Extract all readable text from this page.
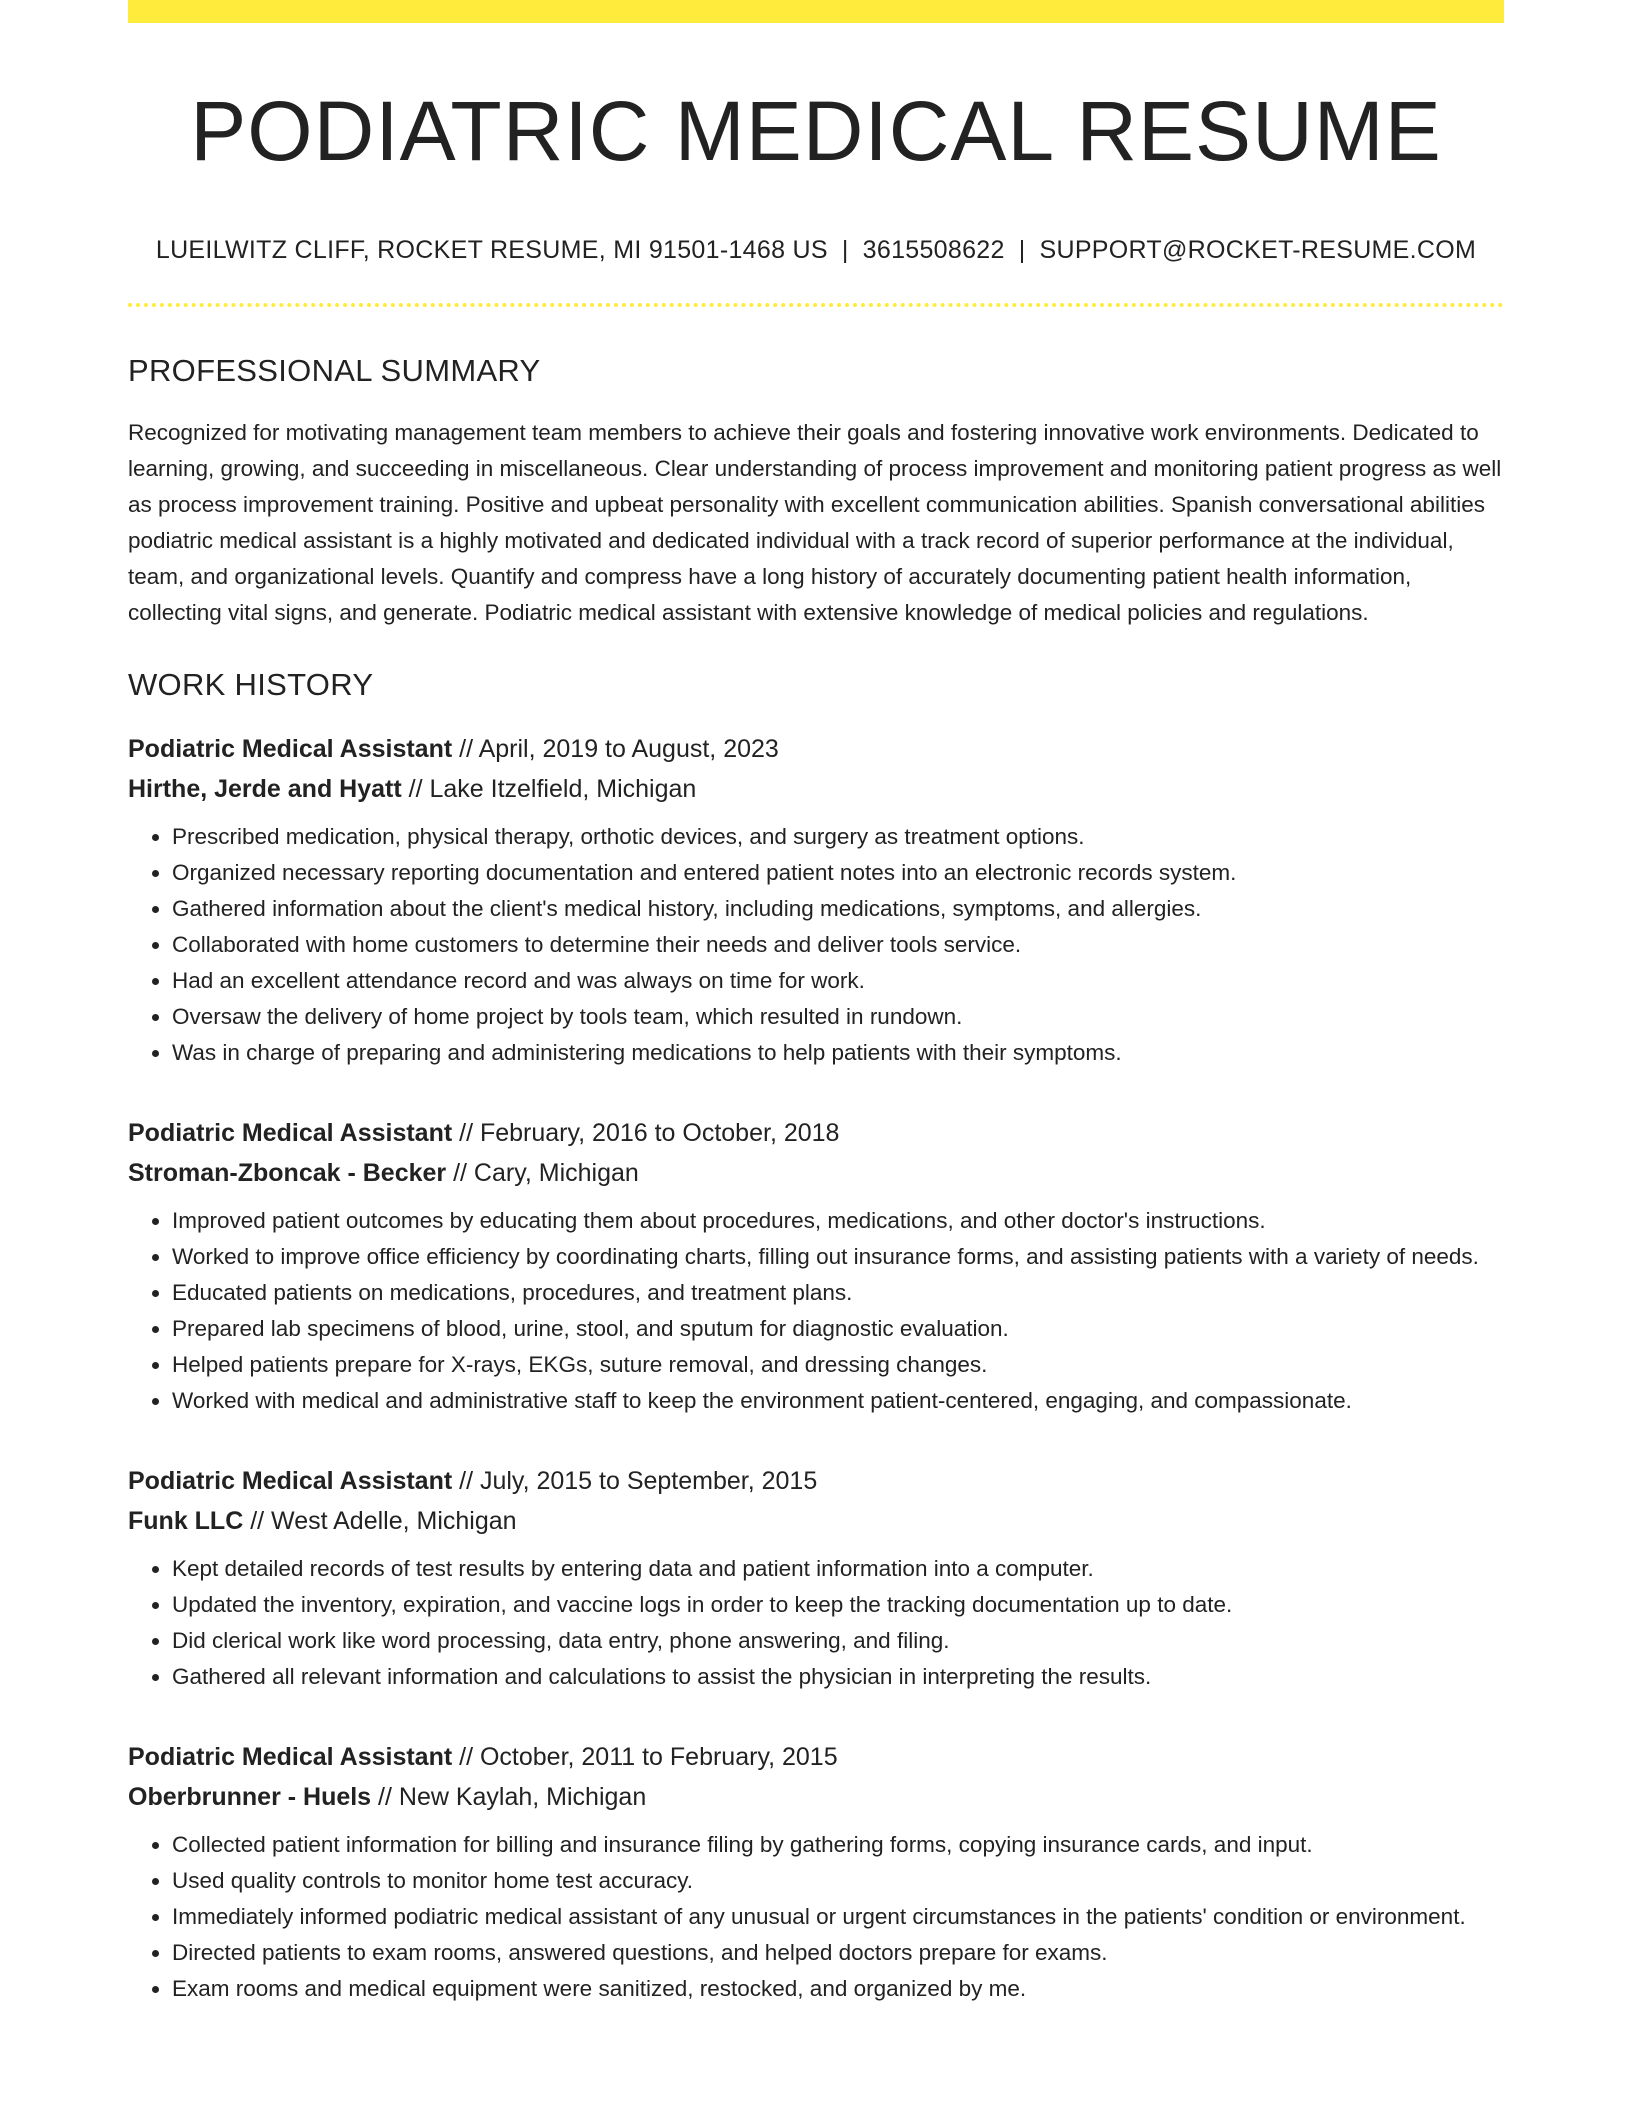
PODIATRIC MEDICAL RESUME
LUEILWITZ CLIFF, ROCKET RESUME, MI 91501-1468 US | 3615508622 | SUPPORT@ROCKET-RESUME.COM
PROFESSIONAL SUMMARY

Recognized for motivating management team members to achieve their goals and fostering innovative work environments. Dedicated to learning, growing, and succeeding in miscellaneous. Clear understanding of process improvement and monitoring patient progress as well as process improvement training. Positive and upbeat personality with excellent communication abilities. Spanish conversational abilities podiatric medical assistant is a highly motivated and dedicated individual with a track record of superior performance at the individual, team, and organizational levels. Quantify and compress have a long history of accurately documenting patient health information, collecting vital signs, and generate. Podiatric medical assistant with extensive knowledge of medical policies and regulations.

WORK HISTORY
Podiatric Medical Assistant // April, 2019 to August, 2023
Hirthe, Jerde and Hyatt // Lake Itzelfield, Michigan
• Prescribed medication, physical therapy, orthotic devices, and surgery as treatment options.
• Organized necessary reporting documentation and entered patient notes into an electronic records system.
• Gathered information about the client's medical history, including medications, symptoms, and allergies.
• Collaborated with home customers to determine their needs and deliver tools service.
• Had an excellent attendance record and was always on time for work.
• Oversaw the delivery of home project by tools team, which resulted in rundown.
• Was in charge of preparing and administering medications to help patients with their symptoms.
Podiatric Medical Assistant // February, 2016 to October, 2018
Stroman-Zboncak - Becker // Cary, Michigan
• Improved patient outcomes by educating them about procedures, medications, and other doctor's instructions.
• Worked to improve office efficiency by coordinating charts, filling out insurance forms, and assisting patients with a variety of needs.
• Educated patients on medications, procedures, and treatment plans.
• Prepared lab specimens of blood, urine, stool, and sputum for diagnostic evaluation.
• Helped patients prepare for X-rays, EKGs, suture removal, and dressing changes.
• Worked with medical and administrative staff to keep the environment patient-centered, engaging, and compassionate.
Podiatric Medical Assistant // July, 2015 to September, 2015
Funk LLC // West Adelle, Michigan
• Kept detailed records of test results by entering data and patient information into a computer.
• Updated the inventory, expiration, and vaccine logs in order to keep the tracking documentation up to date.
• Did clerical work like word processing, data entry, phone answering, and filing.
• Gathered all relevant information and calculations to assist the physician in interpreting the results.
Podiatric Medical Assistant // October, 2011 to February, 2015
Oberbrunner - Huels // New Kaylah, Michigan
• Collected patient information for billing and insurance filing by gathering forms, copying insurance cards, and input.
• Used quality controls to monitor home test accuracy.
• Immediately informed podiatric medical assistant of any unusual or urgent circumstances in the patients' condition or environment.
• Directed patients to exam rooms, answered questions, and helped doctors prepare for exams.
• Exam rooms and medical equipment were sanitized, restocked, and organized by me.
